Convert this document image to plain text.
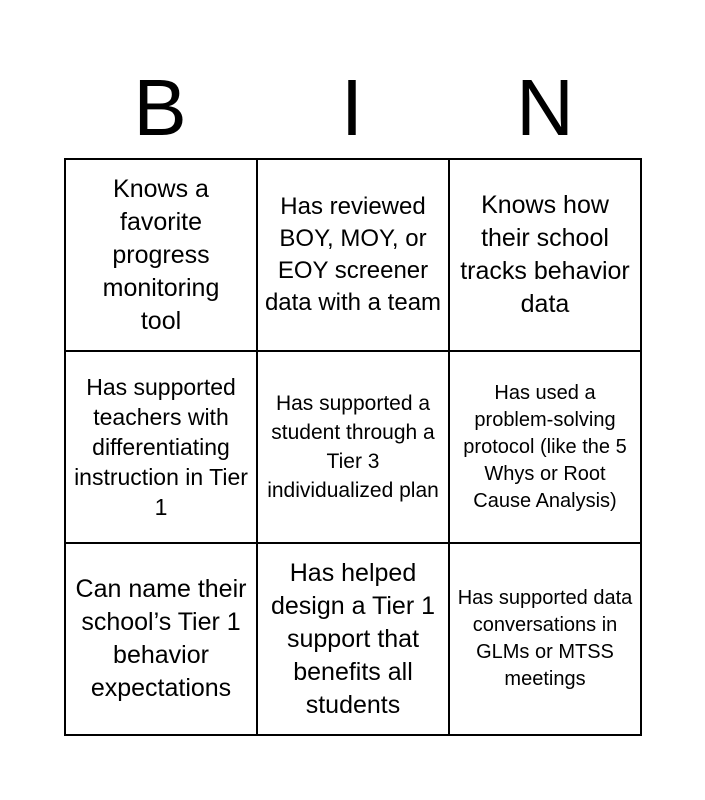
B	I	N
Knows a favorite progress monitoring tool	Has reviewed BOY, MOY, or EOY screener data with a team	Knows how their school tracks behavior data

Has supported teachers with differentiating instruction in Tier 1	Has supported a student through a Tier 3 individualized plan	Has used a problem-solving protocol (like the 5 Whys or Root Cause Analysis)

Can name their school’s Tier 1 behavior expectations	Has helped design a Tier 1 support that benefits all students	Has supported data conversations in GLMs or MTSS meetings
